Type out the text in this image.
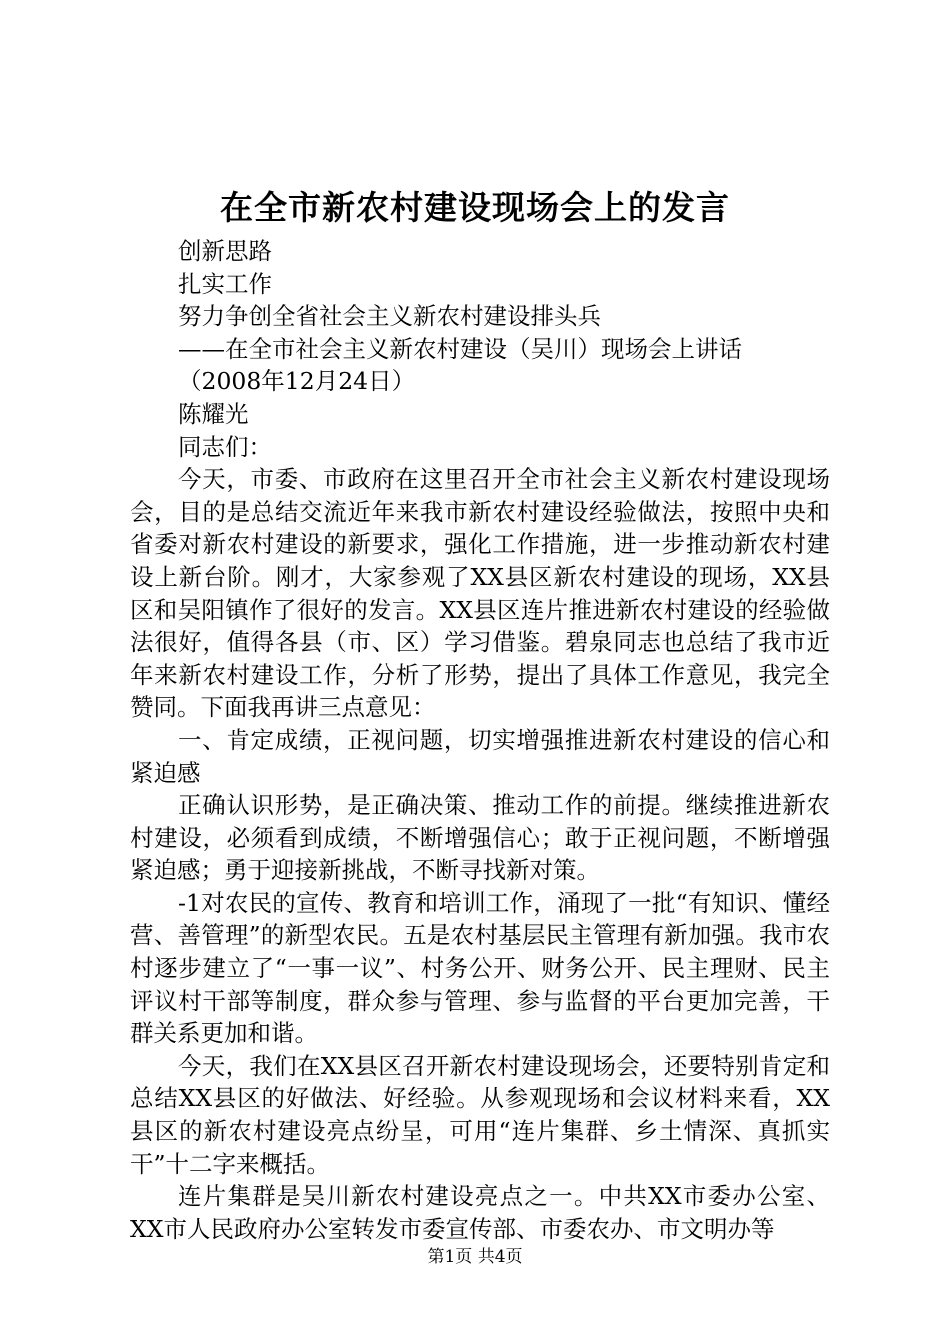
在全市新农村建设现场会上的发言

创新思路

扎实工作

努力争创全省社会主义新农村建设排头兵

——在全市社会主义新农村建设（吴川）现场会上讲话

（2008年12月24日）

陈耀光

同志们：

今天，市委、市政府在这里召开全市社会主义新农村建设现场会，目的是总结交流近年来我市新农村建设经验做法，按照中央和省委对新农村建设的新要求，强化工作措施，进一步推动新农村建设上新台阶。刚才，大家参观了XX县区新农村建设的现场，XX县区和吴阳镇作了很好的发言。XX县区连片推进新农村建设的经验做法很好，值得各县（市、区）学习借鉴。碧泉同志也总结了我市近年来新农村建设工作，分析了形势，提出了具体工作意见，我完全赞同。下面我再讲三点意见：

一、肯定成绩，正视问题，切实增强推进新农村建设的信心和紧迫感

正确认识形势，是正确决策、推动工作的前提。继续推进新农村建设，必须看到成绩，不断增强信心；敢于正视问题，不断增强紧迫感；勇于迎接新挑战，不断寻找新对策。

-1对农民的宣传、教育和培训工作，涌现了一批“有知识、懂经营、善管理”的新型农民。五是农村基层民主管理有新加强。我市农村逐步建立了“一事一议”、村务公开、财务公开、民主理财、民主评议村干部等制度，群众参与管理、参与监督的平台更加完善，干群关系更加和谐。

今天，我们在XX县区召开新农村建设现场会，还要特别肯定和总结XX县区的好做法、好经验。从参观现场和会议材料来看，XX县区的新农村建设亮点纷呈，可用“连片集群、乡土情深、真抓实干”十二字来概括。

连片集群是吴川新农村建设亮点之一。中共XX市委办公室、XX市人民政府办公室转发市委宣传部、市委农办、市文明办等

第1页 共4页
